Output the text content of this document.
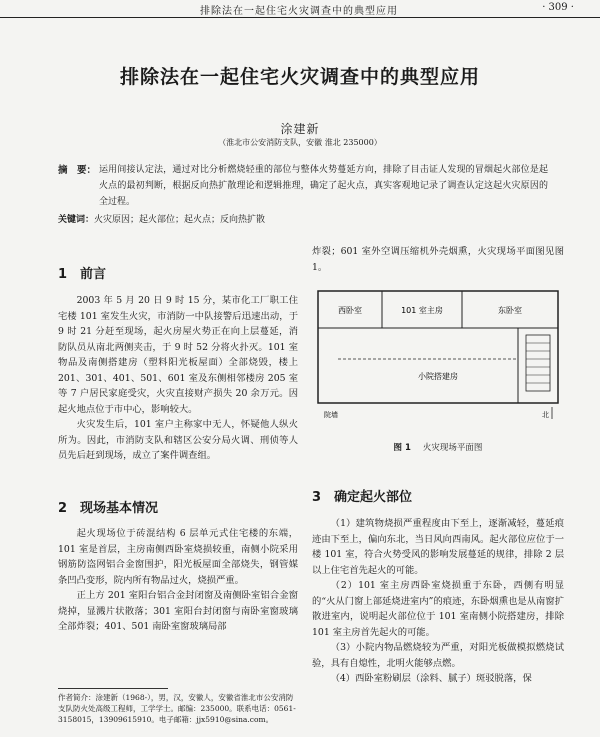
排除法在一起住宅火灾调查中的典型应用	· 309 ·
排除法在一起住宅火灾调查中的典型应用
涂建新
（淮北市公安消防支队，安徽 淮北 235000）
运用间接认定法，通过对比分析燃烧轻重的部位与整体火势蔓延方向，排除了目击证人发现的冒烟起火部位是起火点的最初判断，根据反向热扩散理论和逻辑推理，确定了起火点，真实客观地记录了调查认定这起火灾原因的全过程。
摘　要：
关键词：火灾原因；起火部位；起火点；反向热扩散
1　前言

2003 年 5 月 20 日 9 时 15 分，某市化工厂职工住宅楼 101 室发生火灾，市消防一中队接警后迅速出动，于 9 时 21 分赶至现场，起火房屋火势正在向上层蔓延，消防队员从南北两侧夹击，于 9 时 52 分将火扑灭。101 室物品及南侧搭建房（塑料阳光板屋面）全部烧毁，楼上 201、301、401、501、601 室及东侧相邻楼房 205 室等 7 户居民家庭受灾，火灾直接财产损失 20 余万元。因起火地点位于市中心，影响较大。

火灾发生后，101 室户主称家中无人，怀疑他人纵火所为。因此，市消防支队和辖区公安分局火调、刑侦等人员先后赶到现场，成立了案件调查组。

2　现场基本情况

起火现场位于砖混结构 6 层单元式住宅楼的东端，101 室是首层，主房南侧西卧室烧损较重，南侧小院采用钢筋防盗网铝合金窗围护，阳光板屋面全部烧失，钢管媒条凹凸变形，院内所有物品过火，烧损严重。

正上方 201 室阳台铝合金封闭窗及南侧卧室铝合金窗烧掉，显溅片状散落；301 室阳台封闭窗与南卧室窗玻璃全部炸裂；401、501 南卧室窗玻璃局部

炸裂；601 室外空调压缩机外壳烟熏，火灾现场平面图见图 1。

西卧室	101 室主房	东卧室
小院搭建房
院墙	北
图 1 火灾现场平面图
3　确定起火部位

（1）建筑物烧损严重程度由下至上，逐渐减轻，蔓延痕迹由下至上，偏向东北，当日风向西南风。起火部位应位于一楼 101 室，符合火势受风的影响发展蔓延的规律，排除 2 层以上住宅首先起火的可能。

（2）101 室主房西卧室烧损重于东卧，西侧有明显的“火从门窗上部延烧进室内”的痕迹，东卧烟熏也是从南窗扩散进室内，说明起火部位位于 101 室南侧小院搭建房，排除 101 室主房首先起火的可能。

（3）小院内物品燃烧较为严重，对阳光板做模拟燃烧试验，具有自熄性，北明火能够点燃。

（4）西卧室粉刷层（涂料、腻子）斑驳脱落，保

作者简介：涂建新（1968-），男，汉，安徽人，安徽省淮北市公安消防支队防火处高级工程师，工学学士。邮编：235000。联系电话：0561-3158015，13909615910。电子邮箱：jjx5910@sina.com。
